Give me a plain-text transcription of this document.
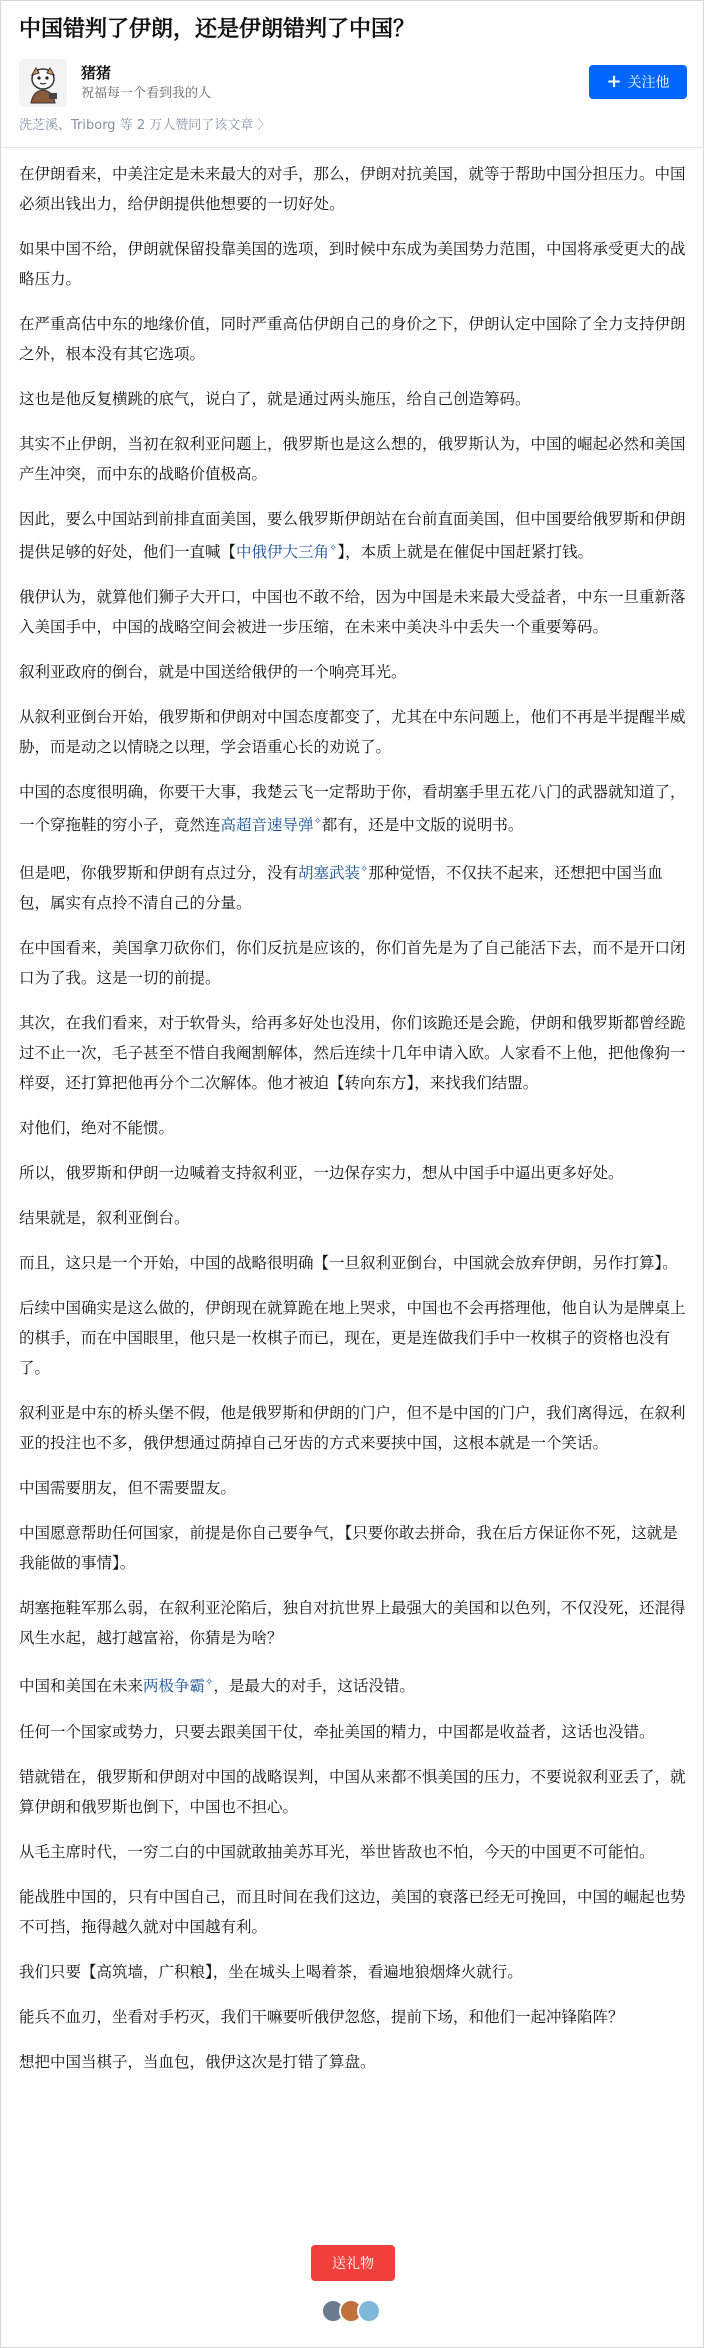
中国错判了伊朗，还是伊朗错判了中国？
猪猪
祝福每一个看到我的人
+ 关注他
洗芝溪、Triborg 等 2 万人赞同了该文章 〉

在伊朗看来，中美注定是未来最大的对手，那么，伊朗对抗美国，就等于帮助中国分担压力。中国必须出钱出力，给伊朗提供他想要的一切好处。

如果中国不给，伊朗就保留投靠美国的选项，到时候中东成为美国势力范围，中国将承受更大的战略压力。

在严重高估中东的地缘价值，同时严重高估伊朗自己的身价之下，伊朗认定中国除了全力支持伊朗之外，根本没有其它选项。

这也是他反复横跳的底气，说白了，就是通过两头施压，给自己创造筹码。

其实不止伊朗，当初在叙利亚问题上，俄罗斯也是这么想的，俄罗斯认为，中国的崛起必然和美国产生冲突，而中东的战略价值极高。

因此，要么中国站到前排直面美国，要么俄罗斯伊朗站在台前直面美国，但中国要给俄罗斯和伊朗提供足够的好处，他们一直喊【中俄伊大三角✧】，本质上就是在催促中国赶紧打钱。

俄伊认为，就算他们狮子大开口，中国也不敢不给，因为中国是未来最大受益者，中东一旦重新落入美国手中，中国的战略空间会被进一步压缩，在未来中美决斗中丢失一个重要筹码。

叙利亚政府的倒台，就是中国送给俄伊的一个响亮耳光。

从叙利亚倒台开始，俄罗斯和伊朗对中国态度都变了，尤其在中东问题上，他们不再是半提醒半威胁，而是动之以情晓之以理，学会语重心长的劝说了。

中国的态度很明确，你要干大事，我楚云飞一定帮助于你，看胡塞手里五花八门的武器就知道了，一个穿拖鞋的穷小子，竟然连高超音速导弹✧都有，还是中文版的说明书。

但是吧，你俄罗斯和伊朗有点过分，没有胡塞武装✧那种觉悟，不仅扶不起来，还想把中国当血包，属实有点拎不清自己的分量。

在中国看来，美国拿刀砍你们，你们反抗是应该的，你们首先是为了自己能活下去，而不是开口闭口为了我。这是一切的前提。

其次，在我们看来，对于软骨头，给再多好处也没用，你们该跪还是会跪，伊朗和俄罗斯都曾经跪过不止一次，毛子甚至不惜自我阉割解体，然后连续十几年申请入欧。人家看不上他，把他像狗一样耍，还打算把他再分个二次解体。他才被迫【转向东方】，来找我们结盟。

对他们，绝对不能惯。

所以，俄罗斯和伊朗一边喊着支持叙利亚，一边保存实力，想从中国手中逼出更多好处。

结果就是，叙利亚倒台。

而且，这只是一个开始，中国的战略很明确【一旦叙利亚倒台，中国就会放弃伊朗，另作打算】。

后续中国确实是这么做的，伊朗现在就算跪在地上哭求，中国也不会再搭理他，他自认为是牌桌上的棋手，而在中国眼里，他只是一枚棋子而已，现在，更是连做我们手中一枚棋子的资格也没有了。

叙利亚是中东的桥头堡不假，他是俄罗斯和伊朗的门户，但不是中国的门户，我们离得远，在叙利亚的投注也不多，俄伊想通过荫掉自己牙齿的方式来要挟中国，这根本就是一个笑话。

中国需要朋友，但不需要盟友。

中国愿意帮助任何国家，前提是你自己要争气，【只要你敢去拼命，我在后方保证你不死，这就是我能做的事情】。

胡塞拖鞋军那么弱，在叙利亚沦陷后，独自对抗世界上最强大的美国和以色列，不仅没死，还混得风生水起，越打越富裕，你猜是为啥？

中国和美国在未来两极争霸✧，是最大的对手，这话没错。

任何一个国家或势力，只要去跟美国干仗，牵扯美国的精力，中国都是收益者，这话也没错。

错就错在，俄罗斯和伊朗对中国的战略误判，中国从来都不惧美国的压力，不要说叙利亚丢了，就算伊朗和俄罗斯也倒下，中国也不担心。

从毛主席时代，一穷二白的中国就敢抽美苏耳光，举世皆敌也不怕，今天的中国更不可能怕。

能战胜中国的，只有中国自己，而且时间在我们这边，美国的衰落已经无可挽回，中国的崛起也势不可挡，拖得越久就对中国越有利。

我们只要【高筑墙，广积粮】，坐在城头上喝着茶，看遍地狼烟烽火就行。

能兵不血刃，坐看对手朽灭，我们干嘛要听俄伊忽悠，提前下场，和他们一起冲锋陷阵？

想把中国当棋子，当血包，俄伊这次是打错了算盘。

送礼物
